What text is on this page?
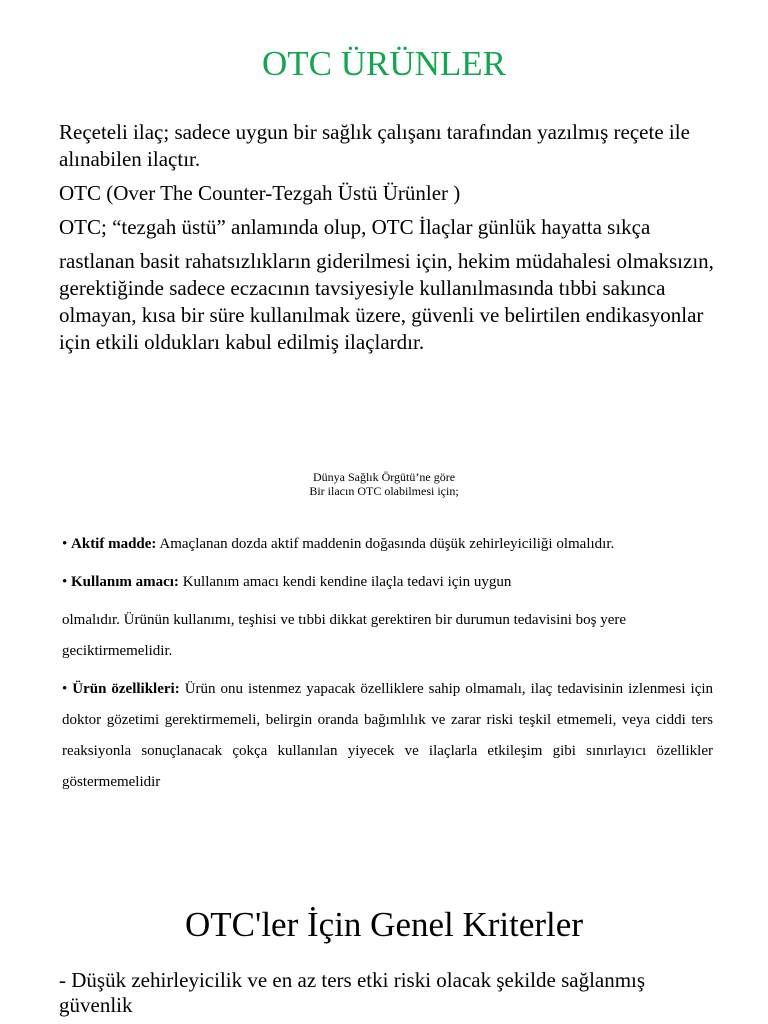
OTC ÜRÜNLER

Reçeteli ilaç; sadece uygun bir sağlık çalışanı tarafından yazılmış reçete ile alınabilen ilaçtır.

OTC (Over The Counter-Tezgah Üstü Ürünler )

OTC; “tezgah üstü” anlamında olup, OTC İlaçlar günlük hayatta sıkça

rastlanan basit rahatsızlıkların giderilmesi için, hekim müdahalesi olmaksızın, gerektiğinde sadece eczacının tavsiyesiyle kullanılmasında tıbbi sakınca olmayan, kısa bir süre kullanılmak üzere, güvenli ve belirtilen endikasyonlar için etkili oldukları kabul edilmiş ilaçlardır.

Dünya Sağlık Örgütü’ne göre
Bir ilacın OTC olabilmesi için;

• Aktif madde: Amaçlanan dozda aktif maddenin doğasında düşük zehirleyiciliği olmalıdır.

• Kullanım amacı: Kullanım amacı kendi kendine ilaçla tedavi için uygun

olmalıdır. Ürünün kullanımı, teşhisi ve tıbbi dikkat gerektiren bir durumun tedavisini boş yere geciktirmemelidir.

• Ürün özellikleri: Ürün onu istenmez yapacak özelliklere sahip olmamalı, ilaç tedavisinin izlenmesi için doktor gözetimi gerektirmemeli, belirgin oranda bağımlılık ve zarar riski teşkil etmemeli, veya ciddi ters reaksiyonla sonuçlanacak çokça kullanılan yiyecek ve ilaçlarla etkileşim gibi sınırlayıcı özellikler göstermemelidir

OTC'ler İçin Genel Kriterler

- Düşük zehirleyicilik ve en az ters etki riski olacak şekilde sağlanmış güvenlik
